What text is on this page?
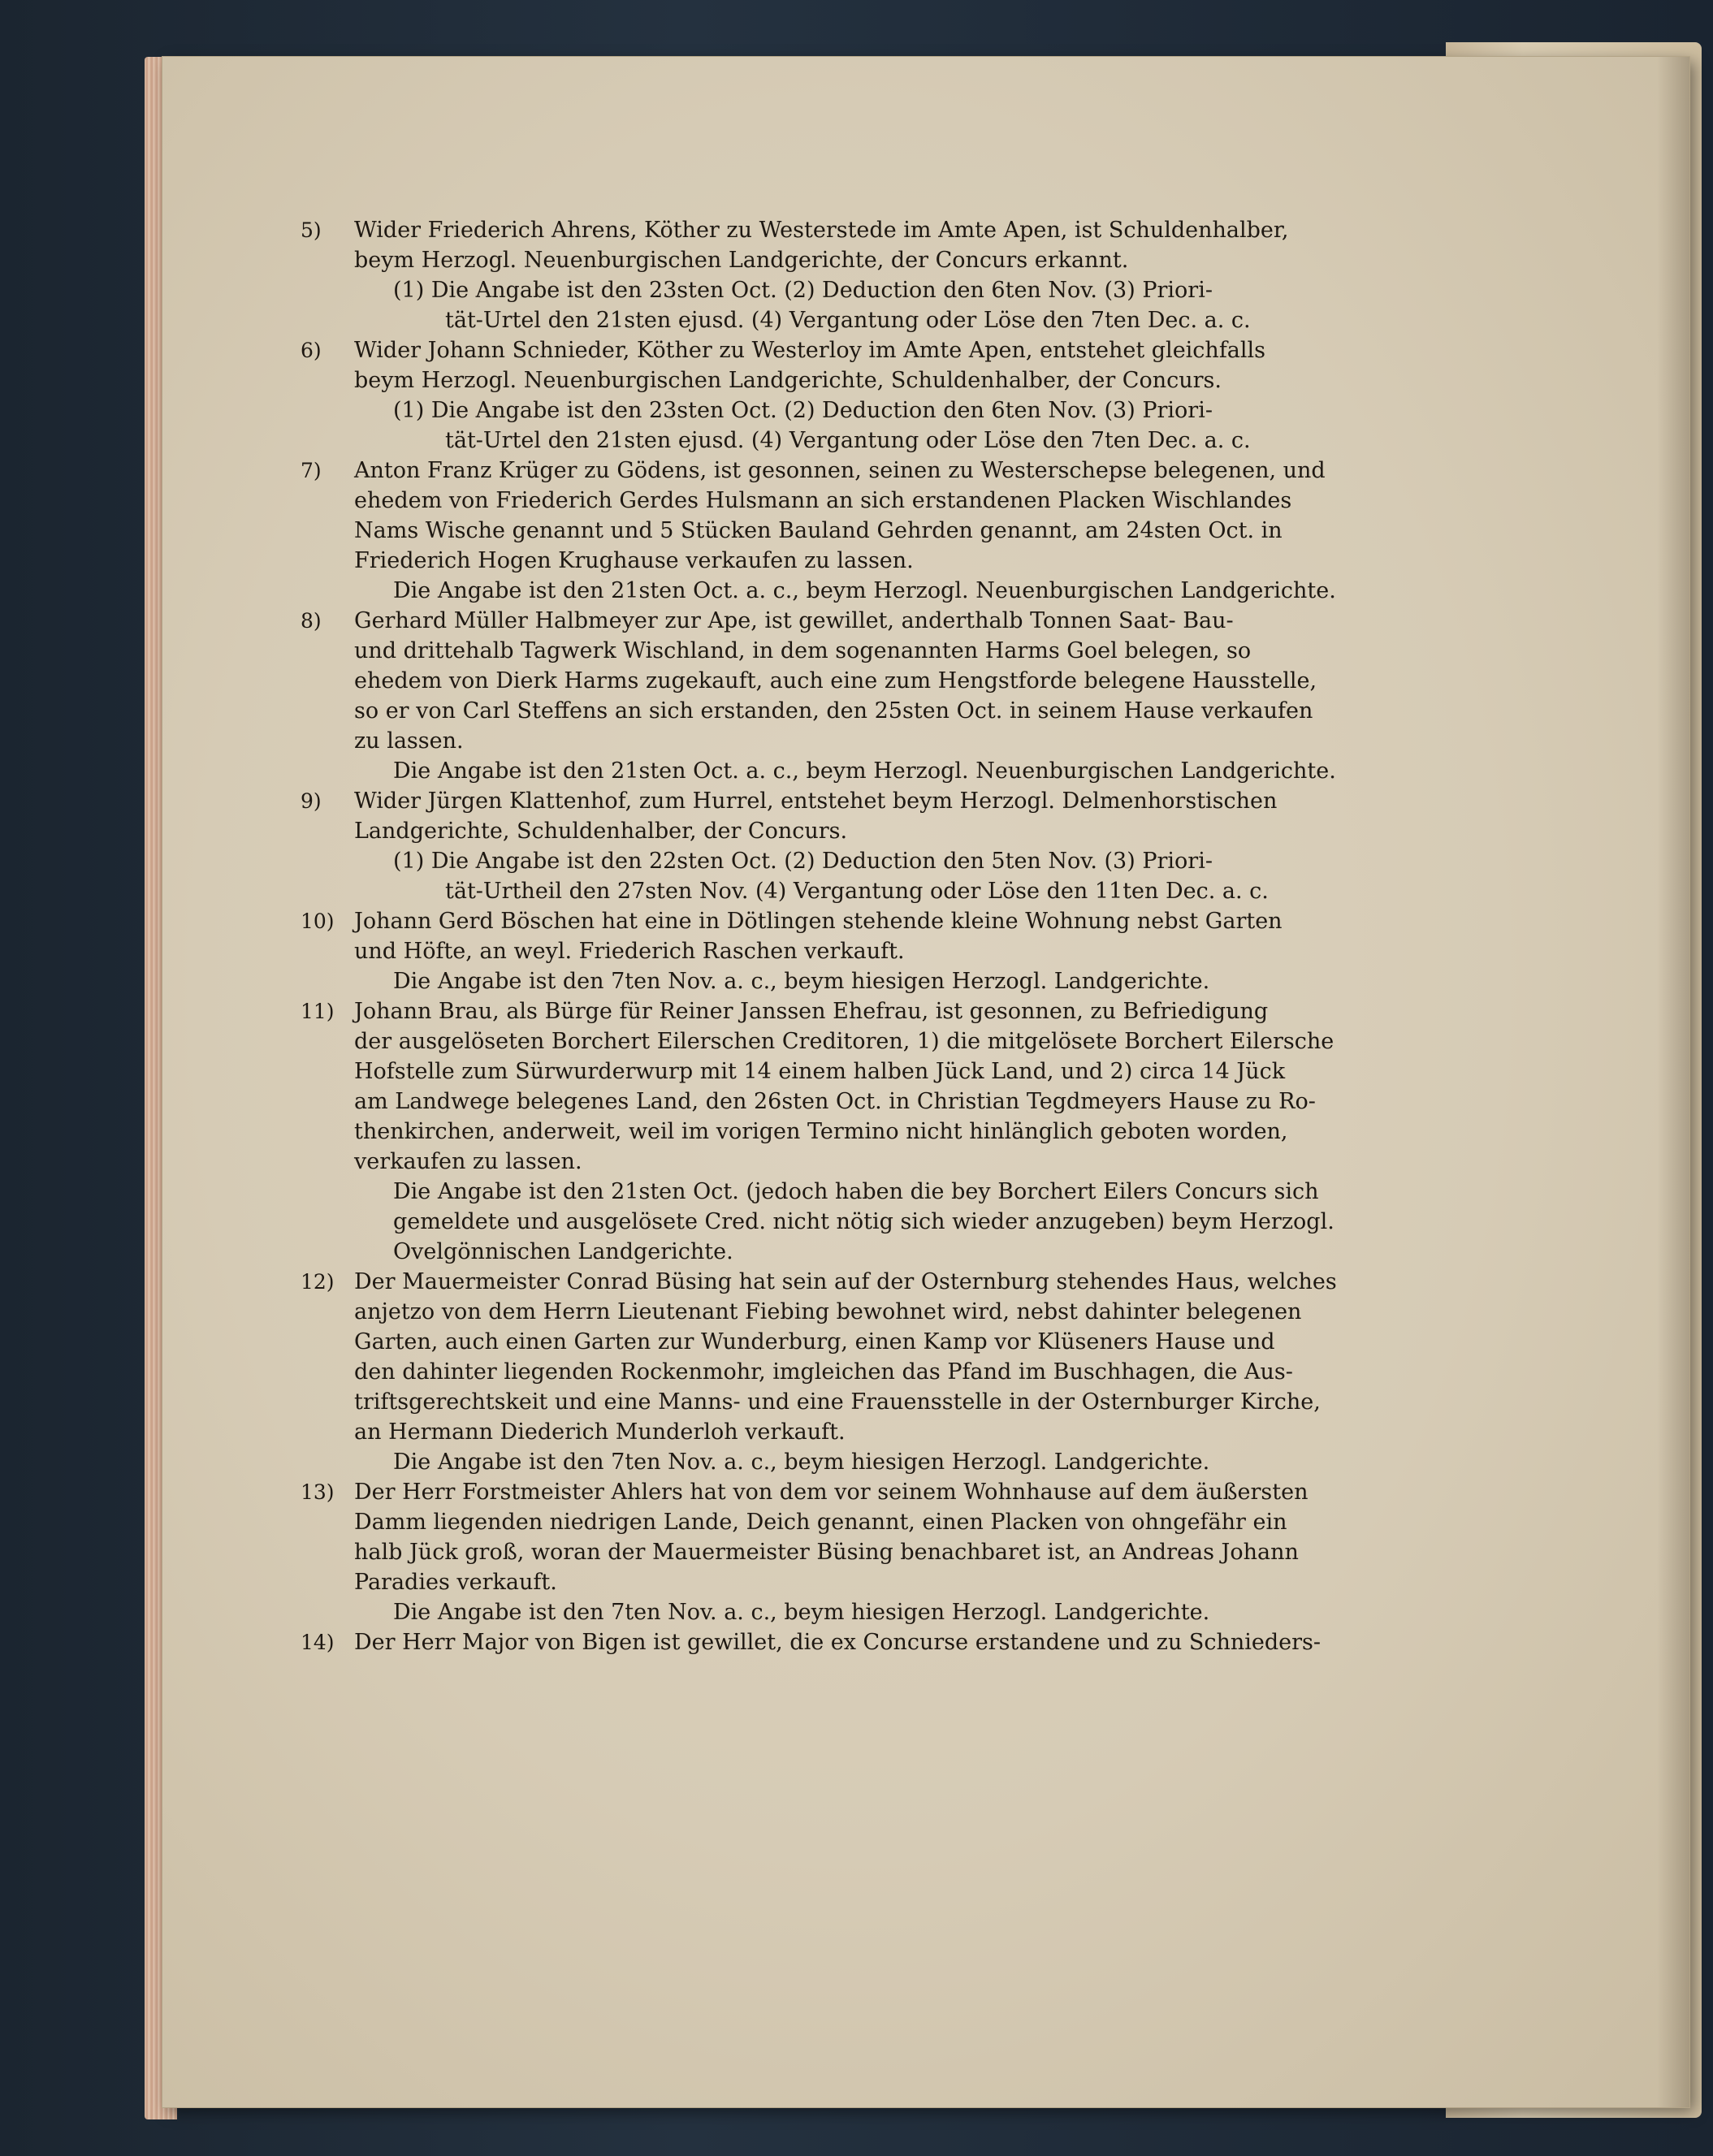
5)	Wider Friederich Ahrens, Köther zu Westerstede im Amte Apen, ist Schuldenhalber,
beym Herzogl. Neuenburgischen Landgerichte, der Concurs erkannt.
(1) Die Angabe ist den 23sten Oct. (2) Deduction den 6ten Nov. (3) Priori-
tät-Urtel den 21sten ejusd. (4) Vergantung oder Löse den 7ten Dec. a. c.
6)	Wider Johann Schnieder, Köther zu Westerloy im Amte Apen, entstehet gleichfalls
beym Herzogl. Neuenburgischen Landgerichte, Schuldenhalber, der Concurs.
(1) Die Angabe ist den 23sten Oct. (2) Deduction den 6ten Nov. (3) Priori-
tät-Urtel den 21sten ejusd. (4) Vergantung oder Löse den 7ten Dec. a. c.
7)	Anton Franz Krüger zu Gödens, ist gesonnen, seinen zu Westerschepse belegenen, und
ehedem von Friederich Gerdes Hulsmann an sich erstandenen Placken Wischlandes
Nams Wische genannt und 5 Stücken Bauland Gehrden genannt, am 24sten Oct. in
Friederich Hogen Krughause verkaufen zu lassen.
Die Angabe ist den 21sten Oct. a. c., beym Herzogl. Neuenburgischen Landgerichte.
8)	Gerhard Müller Halbmeyer zur Ape, ist gewillet, anderthalb Tonnen Saat- Bau-
und drittehalb Tagwerk Wischland, in dem sogenannten Harms Goel belegen, so
ehedem von Dierk Harms zugekauft, auch eine zum Hengstforde belegene Hausstelle,
so er von Carl Steffens an sich erstanden, den 25sten Oct. in seinem Hause verkaufen
zu lassen.
Die Angabe ist den 21sten Oct. a. c., beym Herzogl. Neuenburgischen Landgerichte.
9)	Wider Jürgen Klattenhof, zum Hurrel, entstehet beym Herzogl. Delmenhorstischen
Landgerichte, Schuldenhalber, der Concurs.
(1) Die Angabe ist den 22sten Oct. (2) Deduction den 5ten Nov. (3) Priori-
tät-Urtheil den 27sten Nov. (4) Vergantung oder Löse den 11ten Dec. a. c.
10) Johann Gerd Böschen hat eine in Dötlingen stehende kleine Wohnung nebst Garten
und Höfte, an weyl. Friederich Raschen verkauft.
Die Angabe ist den 7ten Nov. a. c., beym hiesigen Herzogl. Landgerichte.
11) Johann Brau, als Bürge für Reiner Janssen Ehefrau, ist gesonnen, zu Befriedigung
der ausgelöseten Borchert Eilerschen Creditoren, 1) die mitgelösete Borchert Eilersche
Hofstelle zum Sürwurderwurp mit 14 einem halben Jück Land, und 2) circa 14 Jück
am Landwege belegenes Land, den 26sten Oct. in Christian Tegdmeyers Hause zu Ro-
thenkirchen, anderweit, weil im vorigen Termino nicht hinlänglich geboten worden,
verkaufen zu lassen.
Die Angabe ist den 21sten Oct. (jedoch haben die bey Borchert Eilers Concurs sich
gemeldete und ausgelösete Cred. nicht nötig sich wieder anzugeben) beym Herzogl.
Ovelgönnischen Landgerichte.
12) Der Mauermeister Conrad Büsing hat sein auf der Osternburg stehendes Haus, welches
anjetzo von dem Herrn Lieutenant Fiebing bewohnet wird, nebst dahinter belegenen
Garten, auch einen Garten zur Wunderburg, einen Kamp vor Klüseners Hause und
den dahinter liegenden Rockenmohr, imgleichen das Pfand im Buschhagen, die Aus-
triftsgerechtskeit und eine Manns- und eine Frauensstelle in der Osternburger Kirche,
an Hermann Diederich Munderloh verkauft.
Die Angabe ist den 7ten Nov. a. c., beym hiesigen Herzogl. Landgerichte.
13) Der Herr Forstmeister Ahlers hat von dem vor seinem Wohnhause auf dem äußersten
Damm liegenden niedrigen Lande, Deich genannt, einen Placken von ohngefähr ein
halb Jück groß, woran der Mauermeister Büsing benachbaret ist, an Andreas Johann
Paradies verkauft.
Die Angabe ist den 7ten Nov. a. c., beym hiesigen Herzogl. Landgerichte.
14) Der Herr Major von Bigen ist gewillet, die ex Concurse erstandene und zu Schnieders-
